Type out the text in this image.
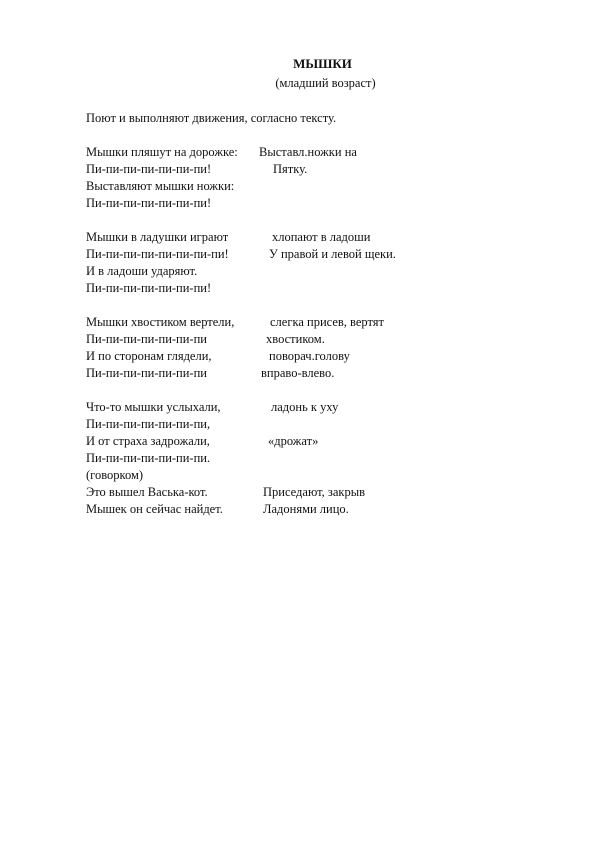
МЫШКИ
(младший возраст)
Поют и выполняют движения, согласно тексту.
Мышки пляшут на дорожке: Выставл.ножки на
Пи-пи-пи-пи-пи-пи-пи!	Пятку.
Выставляют мышки ножки:
Пи-пи-пи-пи-пи-пи-пи!
Мышки в ладушки играют	хлопают в ладоши
Пи-пи-пи-пи-пи-пи-пи-пи!	У правой и левой щеки.
И в ладоши ударяют.
Пи-пи-пи-пи-пи-пи-пи!
Мышки хвостиком вертели,	слегка присев, вертят
Пи-пи-пи-пи-пи-пи-пи	хвостиком.
И по сторонам глядели,	поворач.голову
Пи-пи-пи-пи-пи-пи-пи	вправо-влево.
Что-то мышки услыхали,	ладонь к уху
Пи-пи-пи-пи-пи-пи-пи,
И от страха задрожали,	«дрожат»
Пи-пи-пи-пи-пи-пи-пи.
(говорком)
Это вышел Васька-кот.	Приседают, закрыв
Мышек он сейчас найдет.	Ладонями лицо.
